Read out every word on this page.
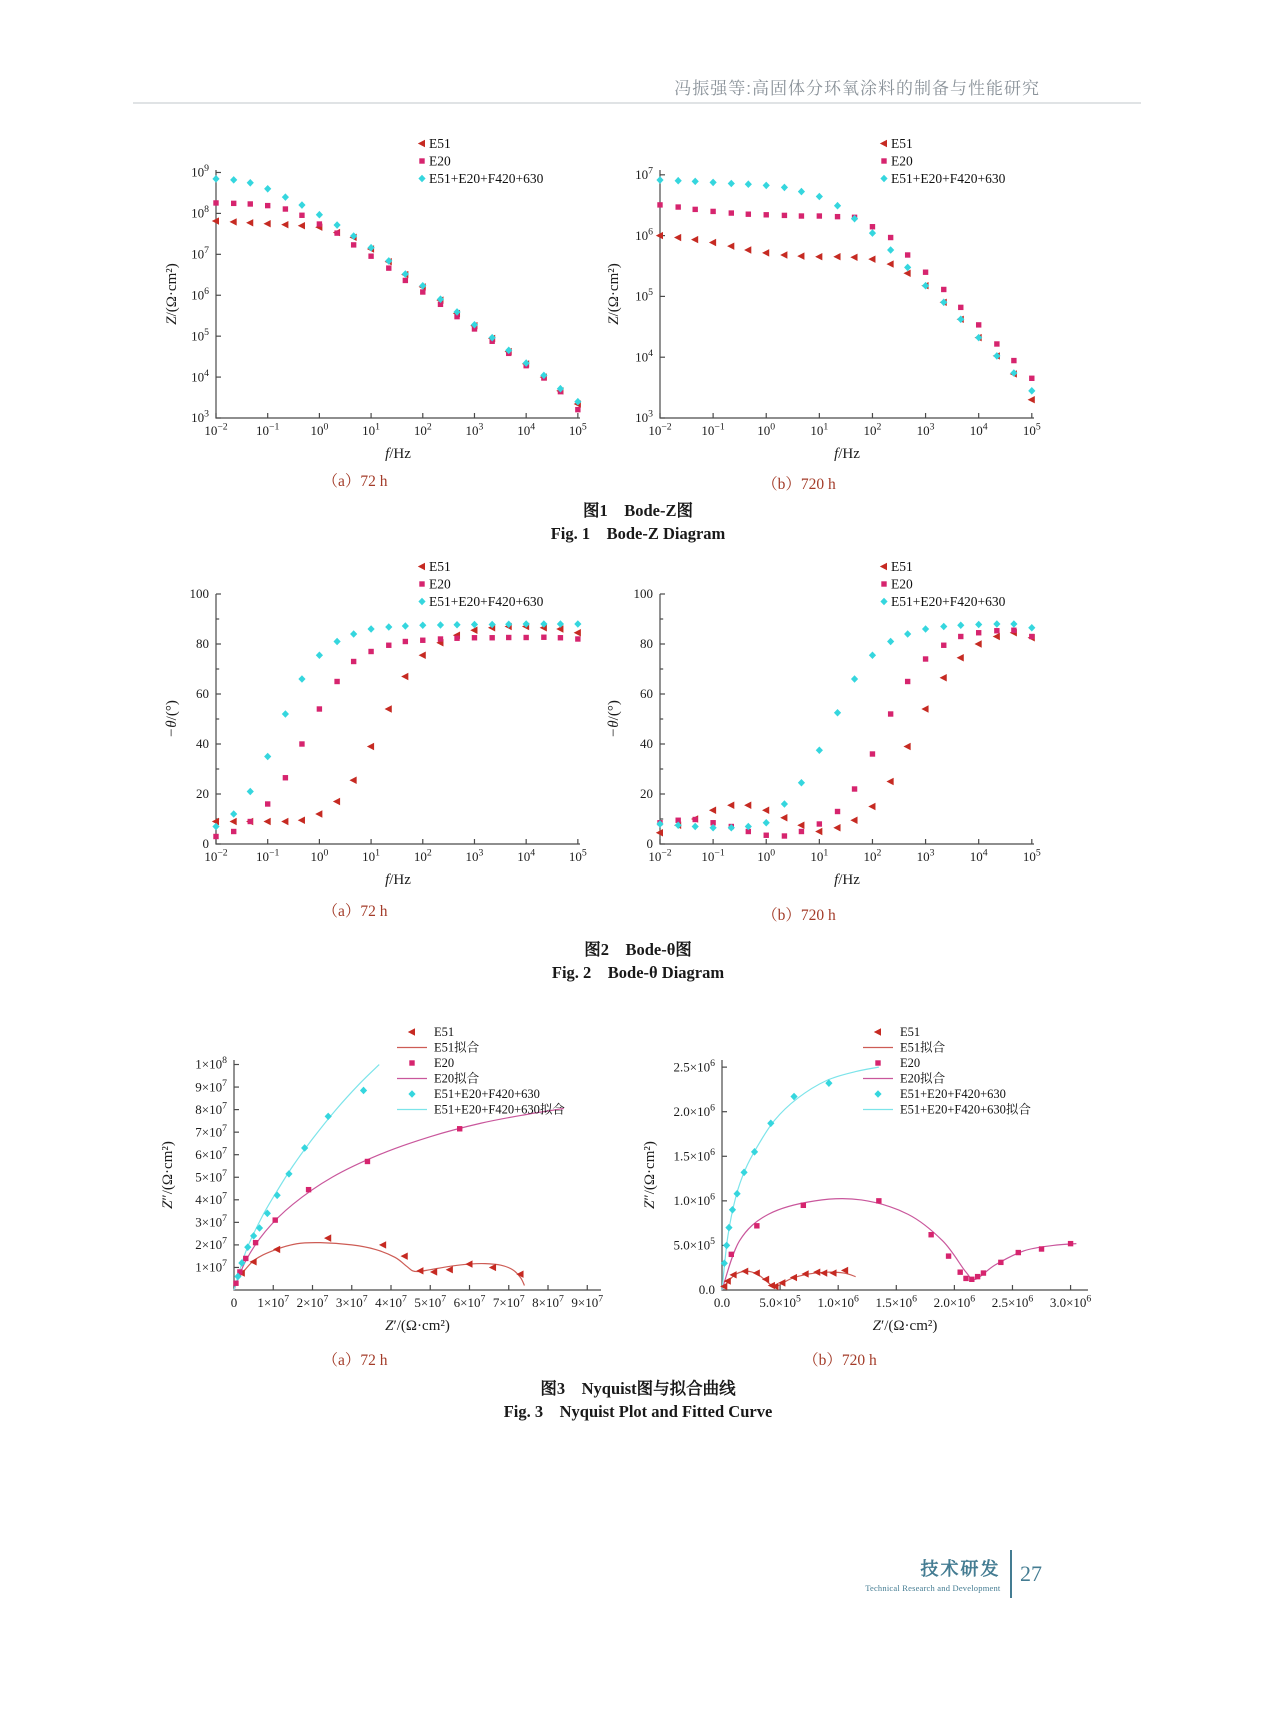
冯振强等:高固体分环氧涂料的制备与性能研究
$10^{-2}$ $10^{-1}$ $10^0$	$10^1$	$10^2$	$10^3$	$10^4$	$10^5$
$10^3$
$10^4$
$10^5$
$10^6$
$10^7$
$10^8$
$10^9$
f/Hz
Z/(Ω·cm²)
E51
E20
E51+E20+F420+630
$10^{-2}$ $10^{-1}$ $10^0$	$10^1$	$10^2$	$10^3$	$10^4$	$10^5$
$10^3$
$10^4$
$10^5$
$10^6$
$10^7$
f/Hz
Z/(Ω·cm²)
E51
E20
E51+E20+F420+630
（a）72 h	（b）720 h
图1　Bode-Z图
Fig. 1　Bode-Z Diagram
$10^{-2}$ $10^{-1}$ $10^0$	$10^1$	$10^2$	$10^3$	$10^4$	$10^5$
0
20
40
60
80
100
f/Hz
−θ/(°)
E51
E20
E51+E20+F420+630
$10^{-2}$ $10^{-1}$ $10^0$	$10^1$	$10^2$	$10^3$	$10^4$	$10^5$
0
20
40
60
80
100
f/Hz
−θ/(°)
E51
E20
E51+E20+F420+630
（a）72 h	（b）720 h
图2　Bode-θ图
Fig. 2　Bode-θ Diagram
0 $1\times 10^7$ $2\times 10^7$ $3\times 10^7$ $4\times 10^7$ $5\times 10^7$ $6\times 10^7$ $7\times 10^7$ $8\times 10^7$ $9\times 10^7$
$1\times 10^7$
$2\times 10^7$
$3\times 10^7$
$4\times 10^7$
$5\times 10^7$
$6\times 10^7$
$7\times 10^7$
$8\times 10^7$
$9\times 10^7$
$1\times 10^8$
Z′/(Ω·cm²)
Z″/(Ω·cm²)
E51
E51拟合
E20
E20拟合
E51+E20+F420+630
E51+E20+F420+630拟合
0.0 $5.0\times 10^5$ $1.0\times 10^6$ $1.5\times 10^6$ $2.0\times 10^6$ $2.5\times 10^6$ $3.0\times 10^6$
0.0
$5.0\times 10^5$
$1.0\times 10^6$
$1.5\times 10^6$
$2.0\times 10^6$
$2.5\times 10^6$
Z′/(Ω·cm²)
Z″/(Ω·cm²)
E51
E51拟合
E20
E20拟合
E51+E20+F420+630
E51+E20+F420+630拟合
（a）72 h	（b）720 h
图3　Nyquist图与拟合曲线
Fig. 3　Nyquist Plot and Fitted Curve
技术研发
Technical Research and Development
27
